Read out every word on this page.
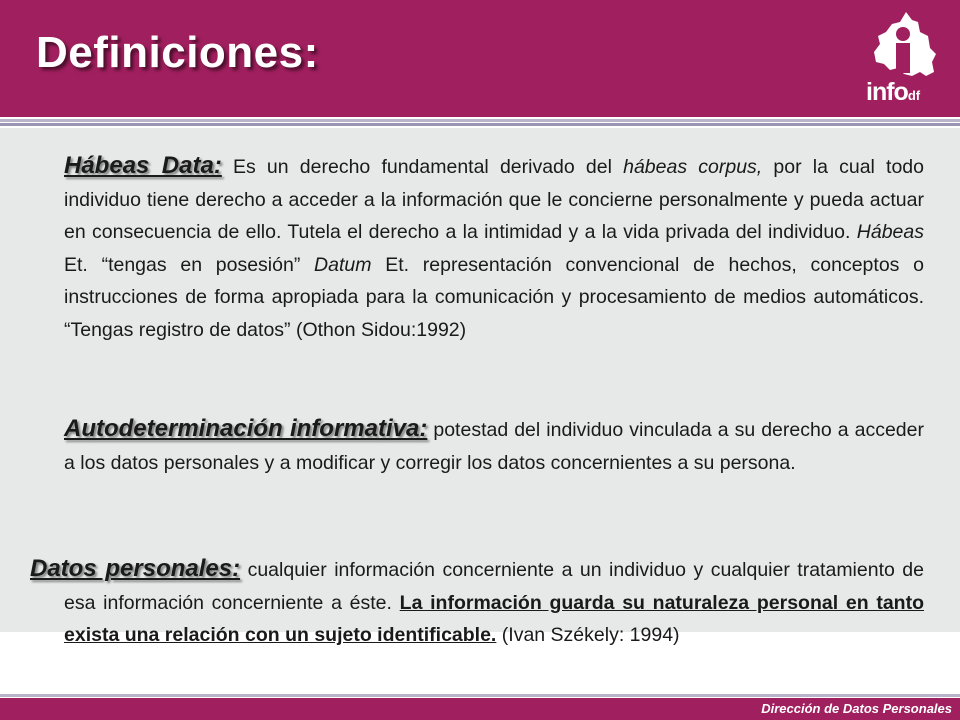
Definiciones:
infodf
Hábeas Data: Es un derecho fundamental derivado del hábeas corpus, por la cual todo individuo tiene derecho a acceder a la información que le concierne personalmente y pueda actuar en consecuencia de ello. Tutela el derecho a la intimidad y a la vida privada del individuo. Hábeas Et. “tengas en posesión” Datum Et. representación convencional de hechos, conceptos o instrucciones de forma apropiada para la comunicación y procesamiento de medios automáticos. “Tengas registro de datos” (Othon Sidou:1992)
Autodeterminación informativa: potestad del individuo vinculada a su derecho a acceder a los datos personales y a modificar y corregir los datos concernientes a su persona.
Datos personales: cualquier información concerniente a un individuo y cualquier tratamiento de esa información concerniente a éste. La información guarda su naturaleza personal en tanto exista una relación con un sujeto identificable. (Ivan Székely: 1994)
Dirección de Datos Personales
